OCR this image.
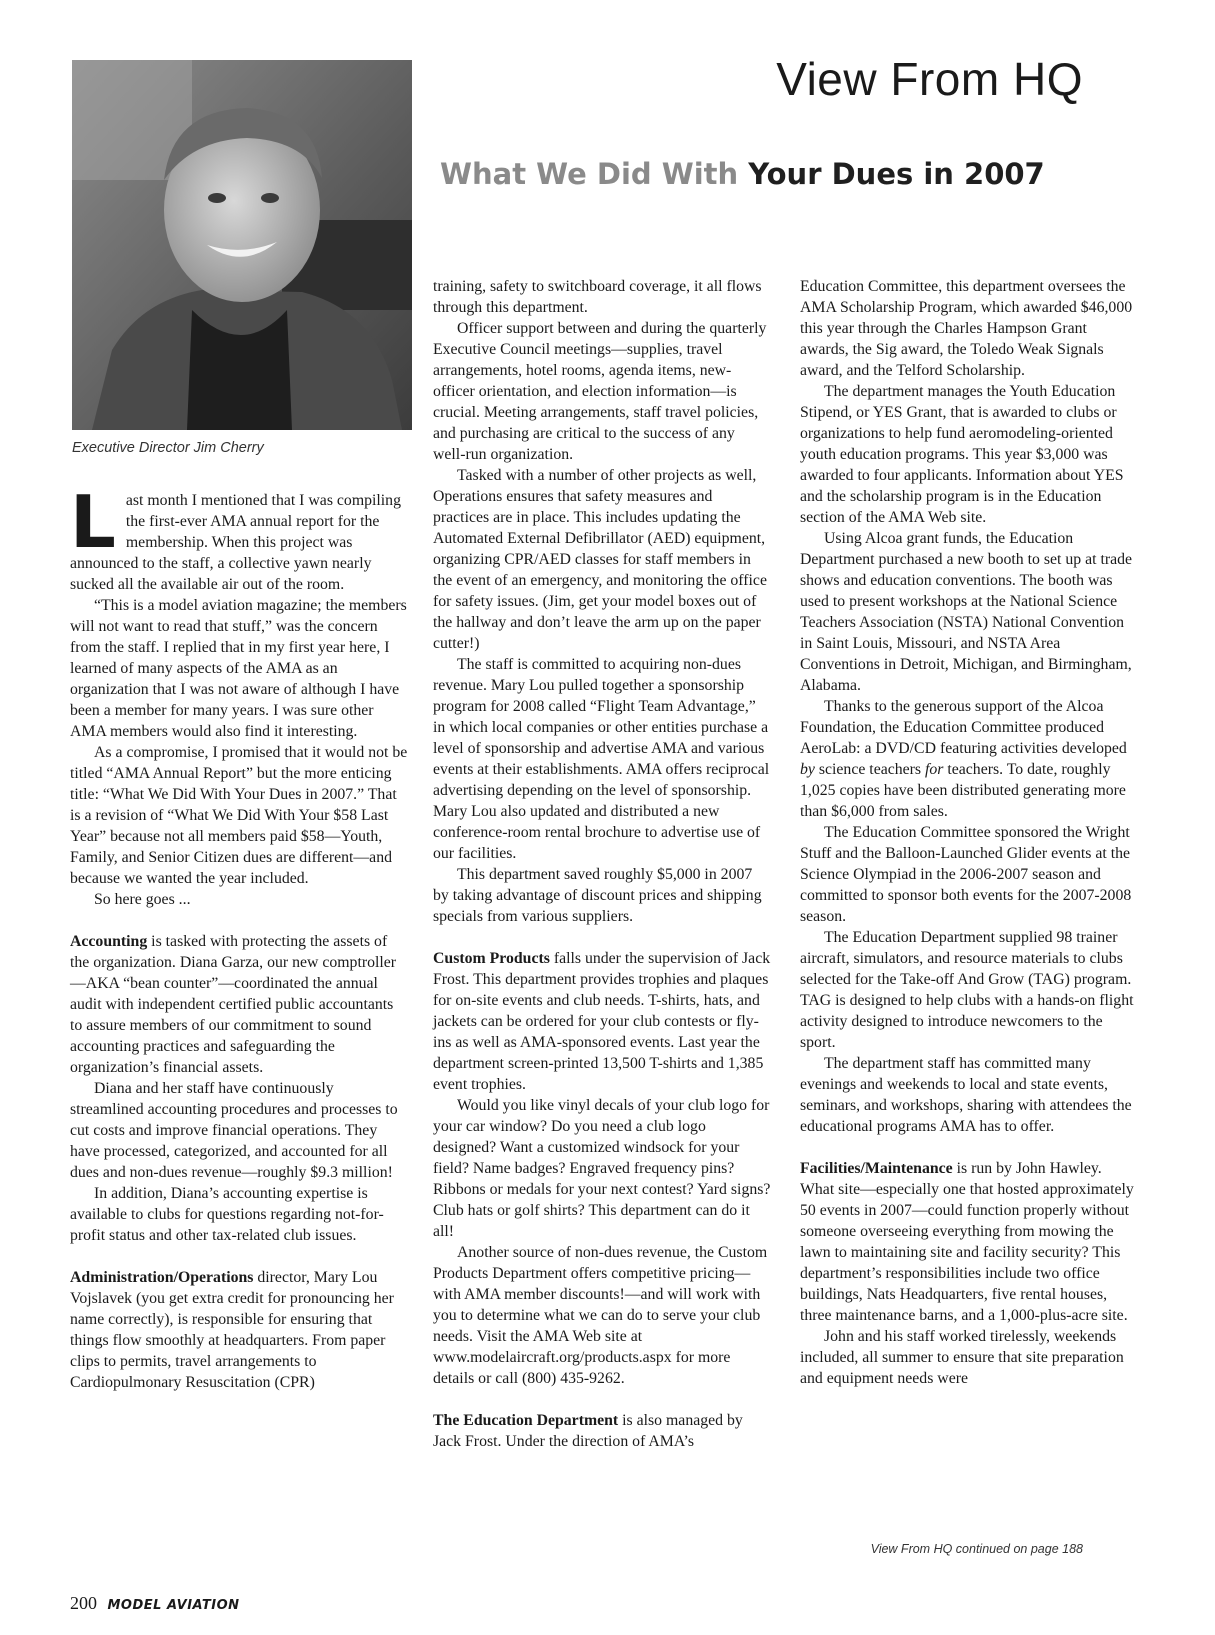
View From HQ
What We Did With Your Dues in 2007
Executive Director Jim Cherry

Last month I mentioned that I was compiling the first-ever AMA annual report for the membership. When this project was announced to the staff, a collective yawn nearly sucked all the available air out of the room.

“This is a model aviation magazine; the members will not want to read that stuff,” was the concern from the staff. I replied that in my first year here, I learned of many aspects of the AMA as an organization that I was not aware of although I have been a member for many years. I was sure other AMA members would also find it interesting.

As a compromise, I promised that it would not be titled “AMA Annual Report” but the more enticing title: “What We Did With Your Dues in 2007.” That is a revision of “What We Did With Your $58 Last Year” because not all members paid $58—Youth, Family, and Senior Citizen dues are different—and because we wanted the year included.

So here goes ...

Accounting is tasked with protecting the assets of the organization. Diana Garza, our new comptroller—AKA “bean counter”—coordinated the annual audit with independent certified public accountants to assure members of our commitment to sound accounting practices and safeguarding the organization’s financial assets.

Diana and her staff have continuously streamlined accounting procedures and processes to cut costs and improve financial operations. They have processed, categorized, and accounted for all dues and non-dues revenue—roughly $9.3 million!

In addition, Diana’s accounting expertise is available to clubs for questions regarding not-for-profit status and other tax-related club issues.

Administration/Operations director, Mary Lou Vojslavek (you get extra credit for pronouncing her name correctly), is responsible for ensuring that things flow smoothly at headquarters. From paper clips to permits, travel arrangements to Cardiopulmonary Resuscitation (CPR)

training, safety to switchboard coverage, it all flows through this department.

Officer support between and during the quarterly Executive Council meetings—supplies, travel arrangements, hotel rooms, agenda items, new-officer orientation, and election information—is crucial. Meeting arrangements, staff travel policies, and purchasing are critical to the success of any well-run organization.

Tasked with a number of other projects as well, Operations ensures that safety measures and practices are in place. This includes updating the Automated External Defibrillator (AED) equipment, organizing CPR/AED classes for staff members in the event of an emergency, and monitoring the office for safety issues. (Jim, get your model boxes out of the hallway and don’t leave the arm up on the paper cutter!)

The staff is committed to acquiring non-dues revenue. Mary Lou pulled together a sponsorship program for 2008 called “Flight Team Advantage,” in which local companies or other entities purchase a level of sponsorship and advertise AMA and various events at their establishments. AMA offers reciprocal advertising depending on the level of sponsorship. Mary Lou also updated and distributed a new conference-room rental brochure to advertise use of our facilities.

This department saved roughly $5,000 in 2007 by taking advantage of discount prices and shipping specials from various suppliers.

Custom Products falls under the supervision of Jack Frost. This department provides trophies and plaques for on-site events and club needs. T-shirts, hats, and jackets can be ordered for your club contests or fly-ins as well as AMA-sponsored events. Last year the department screen-printed 13,500 T-shirts and 1,385 event trophies.

Would you like vinyl decals of your club logo for your car window? Do you need a club logo designed? Want a customized windsock for your field? Name badges? Engraved frequency pins? Ribbons or medals for your next contest? Yard signs? Club hats or golf shirts? This department can do it all!

Another source of non-dues revenue, the Custom Products Department offers competitive pricing—with AMA member discounts!—and will work with you to determine what we can do to serve your club needs. Visit the AMA Web site at www.modelaircraft.org/products.aspx for more details or call (800) 435-9262.

The Education Department is also managed by Jack Frost. Under the direction of AMA’s

Education Committee, this department oversees the AMA Scholarship Program, which awarded $46,000 this year through the Charles Hampson Grant awards, the Sig award, the Toledo Weak Signals award, and the Telford Scholarship.

The department manages the Youth Education Stipend, or YES Grant, that is awarded to clubs or organizations to help fund aeromodeling-oriented youth education programs. This year $3,000 was awarded to four applicants. Information about YES and the scholarship program is in the Education section of the AMA Web site.

Using Alcoa grant funds, the Education Department purchased a new booth to set up at trade shows and education conventions. The booth was used to present workshops at the National Science Teachers Association (NSTA) National Convention in Saint Louis, Missouri, and NSTA Area Conventions in Detroit, Michigan, and Birmingham, Alabama.

Thanks to the generous support of the Alcoa Foundation, the Education Committee produced AeroLab: a DVD/CD featuring activities developed by science teachers for teachers. To date, roughly 1,025 copies have been distributed generating more than $6,000 from sales.

The Education Committee sponsored the Wright Stuff and the Balloon-Launched Glider events at the Science Olympiad in the 2006-2007 season and committed to sponsor both events for the 2007-2008 season.

The Education Department supplied 98 trainer aircraft, simulators, and resource materials to clubs selected for the Take-off And Grow (TAG) program. TAG is designed to help clubs with a hands-on flight activity designed to introduce newcomers to the sport.

The department staff has committed many evenings and weekends to local and state events, seminars, and workshops, sharing with attendees the educational programs AMA has to offer.

Facilities/Maintenance is run by John Hawley. What site—especially one that hosted approximately 50 events in 2007—could function properly without someone overseeing everything from mowing the lawn to maintaining site and facility security? This department’s responsibilities include two office buildings, Nats Headquarters, five rental houses, three maintenance barns, and a 1,000-plus-acre site.

John and his staff worked tirelessly, weekends included, all summer to ensure that site preparation and equipment needs were

View From HQ continued on page 188
200 MODEL AVIATION
